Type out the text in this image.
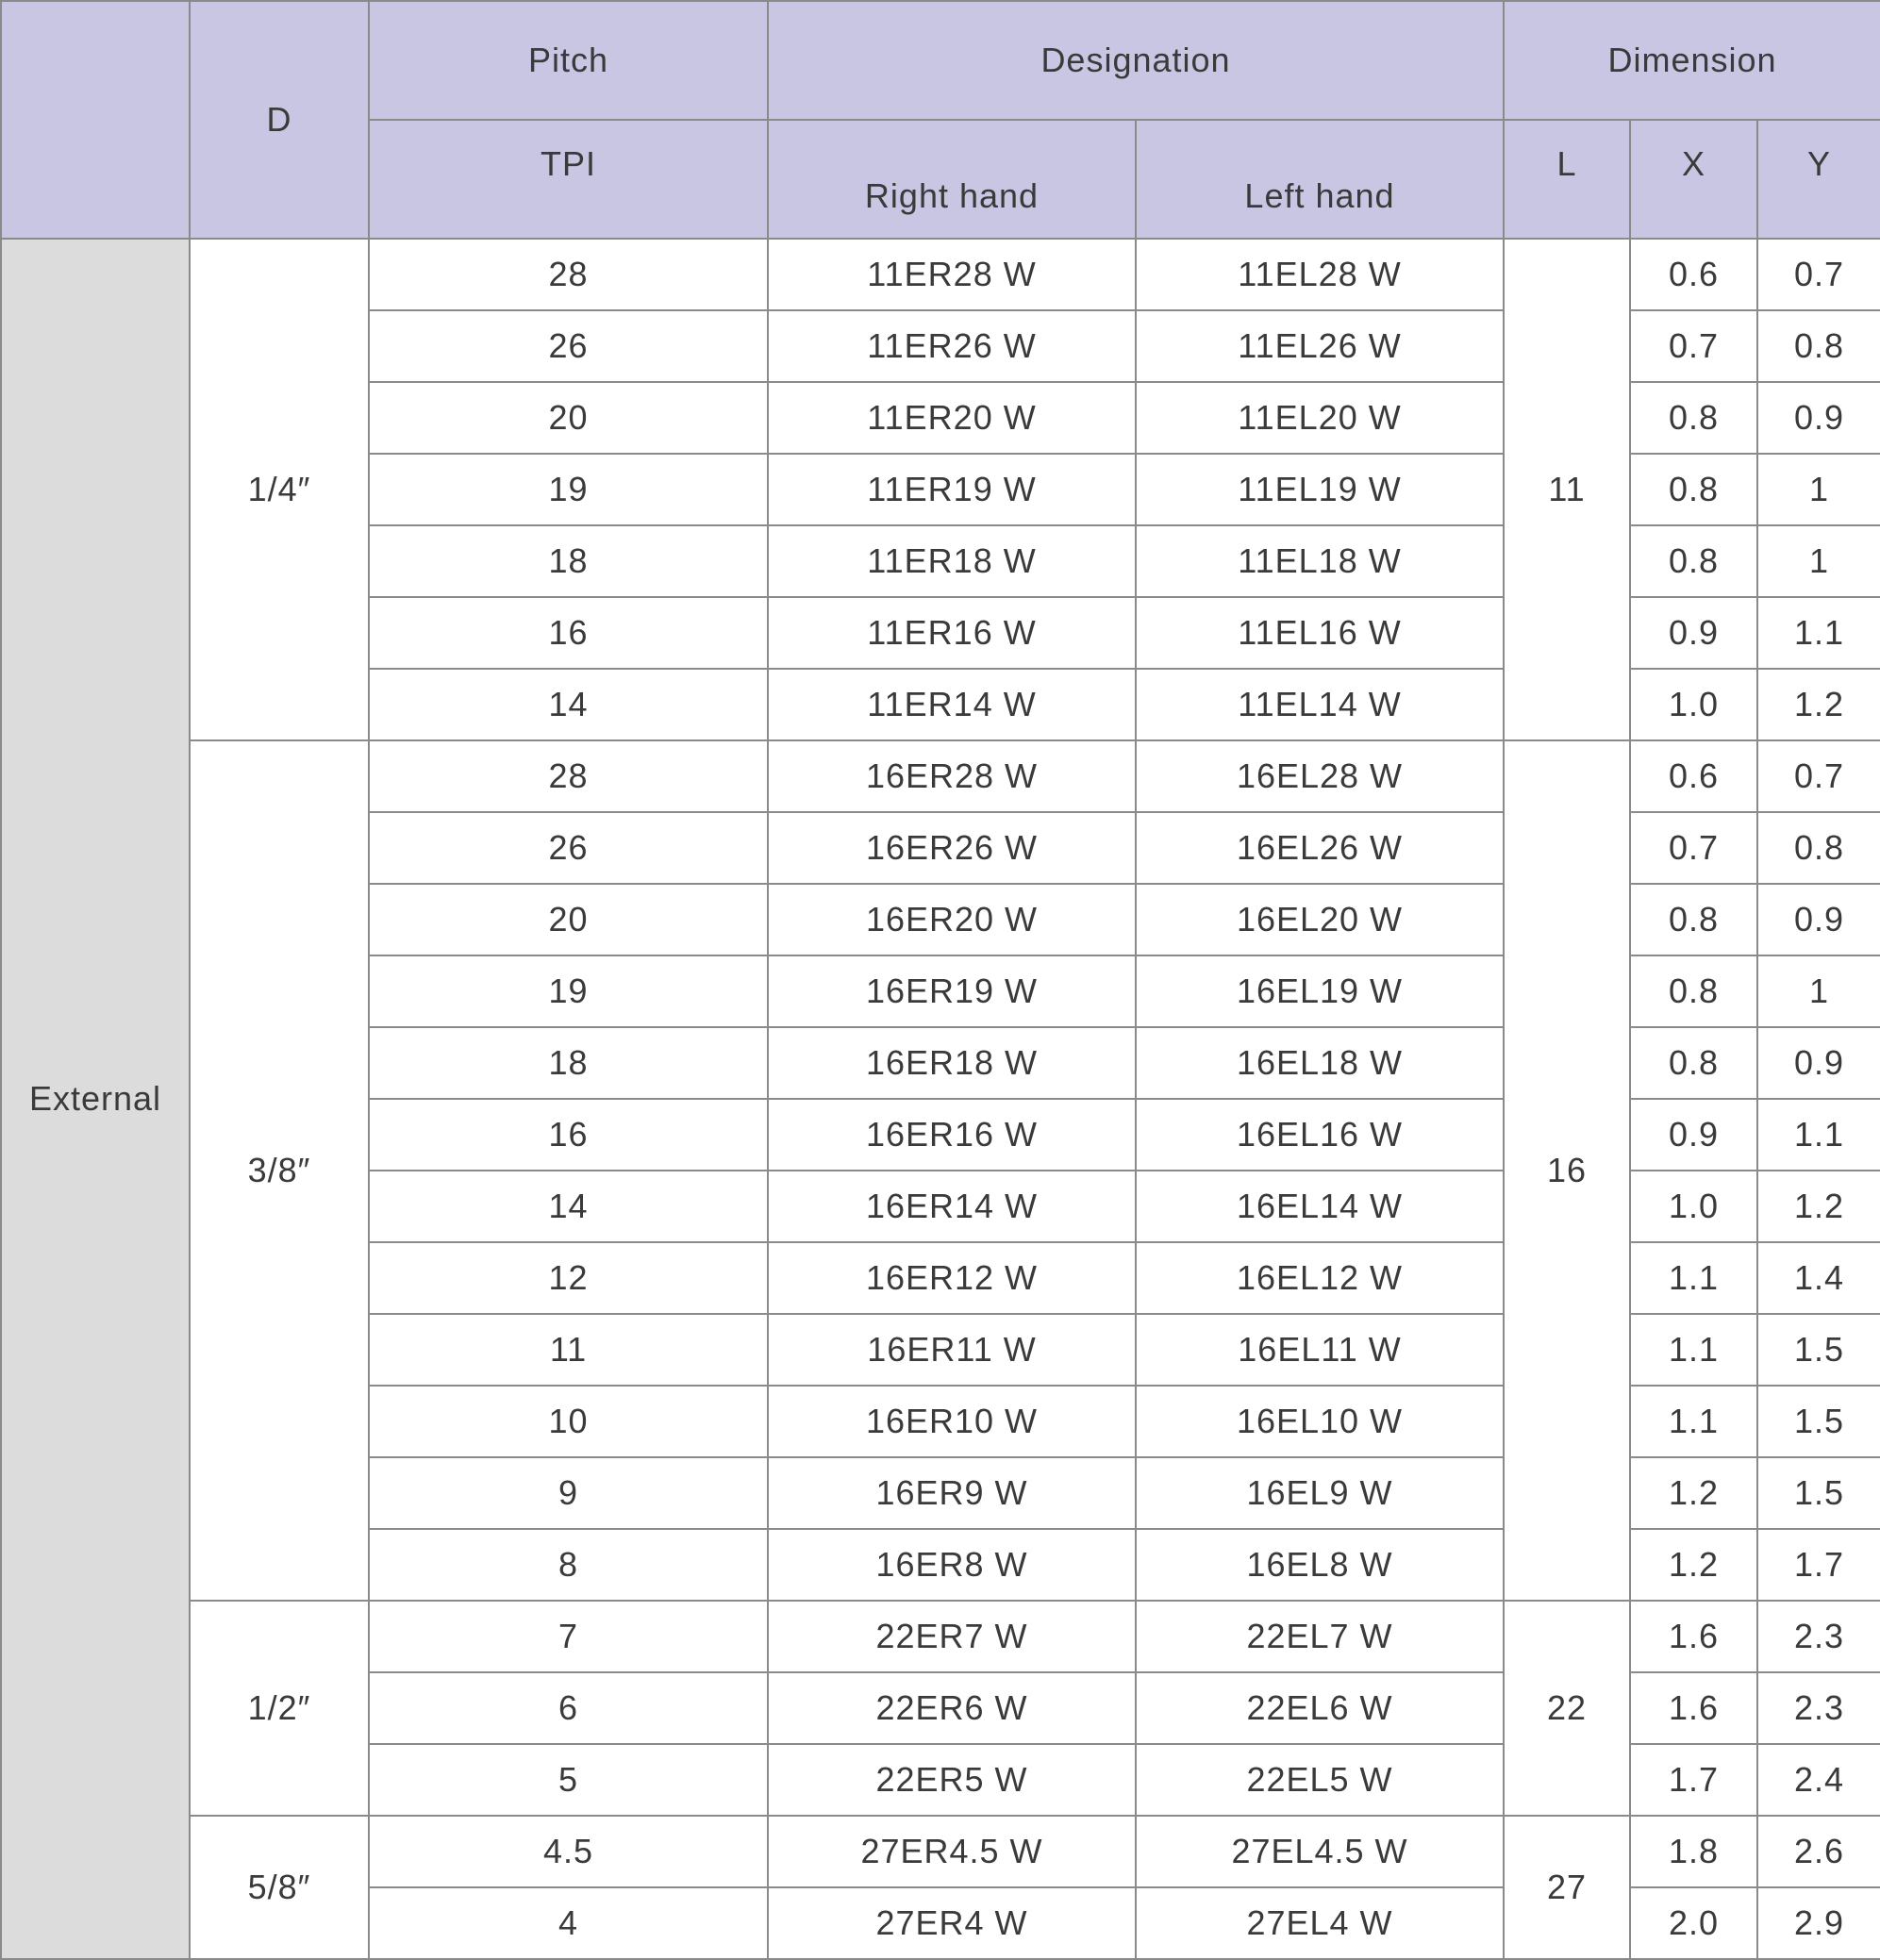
	D	Pitch	Designation		Dimension		
		TPI	Right hand	Left hand	L	X	Y
External	1/4″	28	11ER28 W	11EL28 W	11	0.6	0.7
		26	11ER26 W	11EL26 W		0.7	0.8
		20	11ER20 W	11EL20 W		0.8	0.9
		19	11ER19 W	11EL19 W		0.8	1
		18	11ER18 W	11EL18 W		0.8	1
		16	11ER16 W	11EL16 W		0.9	1.1
		14	11ER14 W	11EL14 W		1.0	1.2
	3/8″	28	16ER28 W	16EL28 W	16	0.6	0.7
		26	16ER26 W	16EL26 W		0.7	0.8
		20	16ER20 W	16EL20 W		0.8	0.9
		19	16ER19 W	16EL19 W		0.8	1
		18	16ER18 W	16EL18 W		0.8	0.9
		16	16ER16 W	16EL16 W		0.9	1.1
		14	16ER14 W	16EL14 W		1.0	1.2
		12	16ER12 W	16EL12 W		1.1	1.4
		11	16ER11 W	16EL11 W		1.1	1.5
		10	16ER10 W	16EL10 W		1.1	1.5
		9	16ER9 W	16EL9 W		1.2	1.5
		8	16ER8 W	16EL8 W		1.2	1.7
	1/2″	7	22ER7 W	22EL7 W	22	1.6	2.3
		6	22ER6 W	22EL6 W		1.6	2.3
		5	22ER5 W	22EL5 W		1.7	2.4
	5/8″	4.5	27ER4.5 W	27EL4.5 W	27	1.8	2.6
		4	27ER4 W	27EL4 W		2.0	2.9
